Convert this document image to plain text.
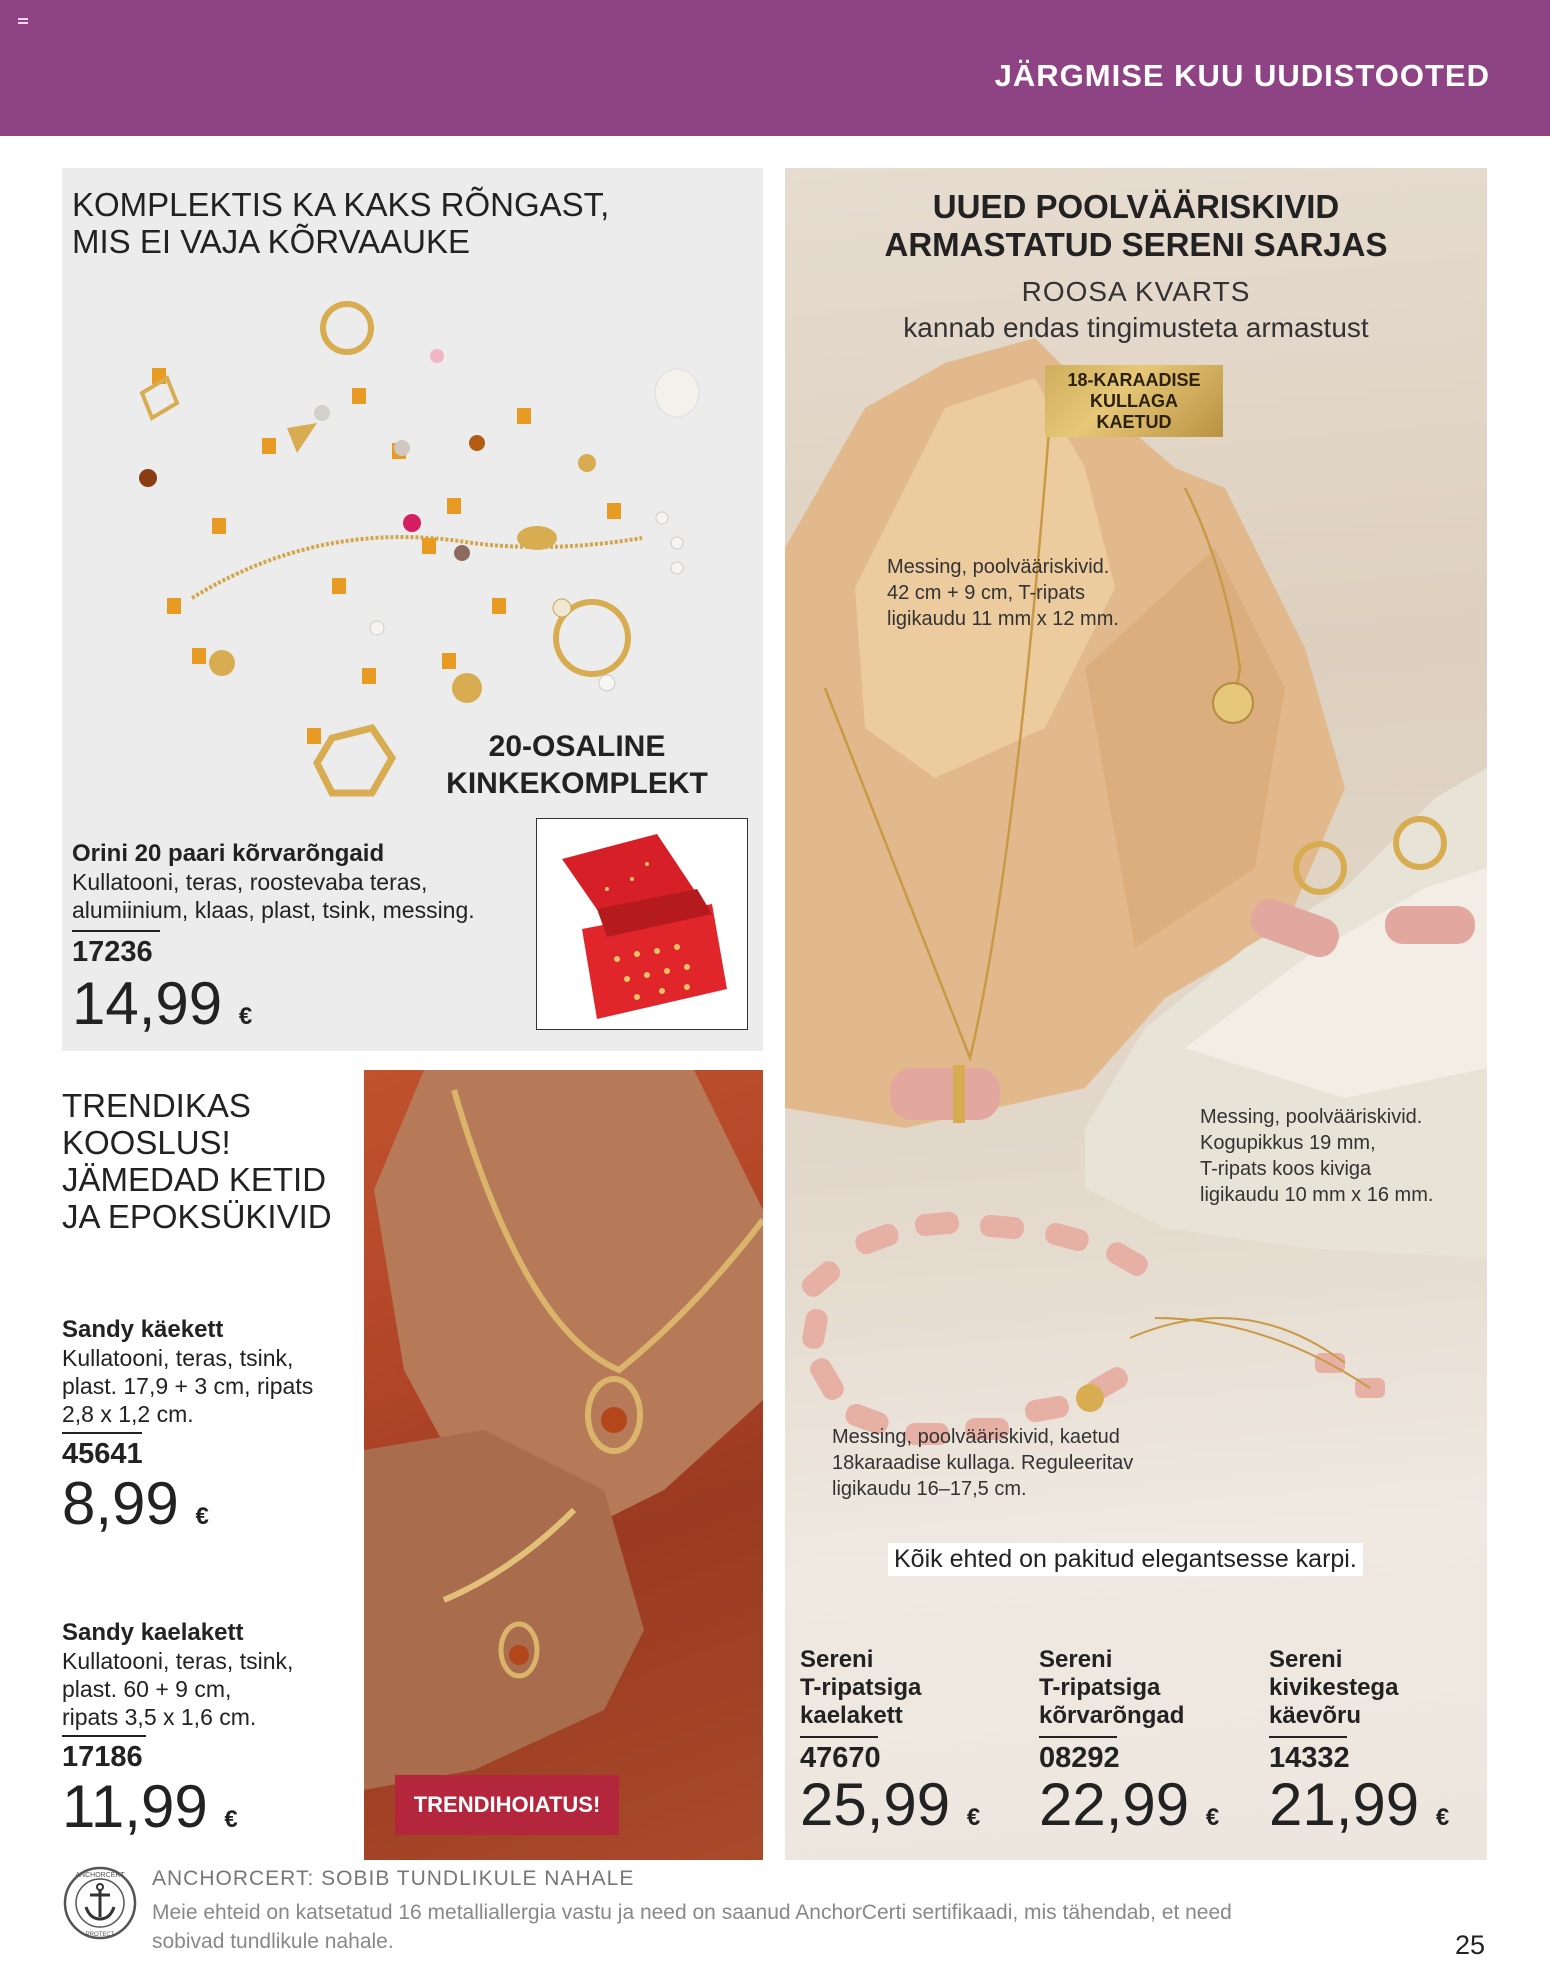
JÄRGMISE KUU UUDISTOOTED
KOMPLEKTIS KA KAKS RÕNGAST,
MIS EI VAJA KÕRVAAUKE
20-OSALINE
KINKEKOMPLEKT
Orini 20 paari kõrvarõngaid
Kullatooni, teras, roostevaba teras,
alumiinium, klaas, plast, tsink, messing.
17236
14,99 €
TRENDIKAS
KOOSLUS!
JÄMEDAD KETID
JA EPOKSÜKIVID
Sandy käekett
Kullatooni, teras, tsink,
plast. 17,9 + 3 cm, ripats
2,8 x 1,2 cm.
45641
8,99 €
Sandy kaelakett
Kullatooni, teras, tsink,
plast. 60 + 9 cm,
ripats 3,5 x 1,6 cm.
17186
11,99 €
TRENDIHOIATUS!
UUED POOLVÄÄRISKIVID
ARMASTATUD SERENI SARJAS
ROOSA KVARTS
kannab endas tingimusteta armastust
Messing, poolvääriskivid.
42 cm + 9 cm, T-ripats
ligikaudu 11 mm x 12 mm.
Messing, poolvääriskivid.
Kogupikkus 19 mm,
T-ripats koos kiviga
ligikaudu 10 mm x 16 mm.
Messing, poolvääriskivid, kaetud
18karaadise kullaga. Reguleeritav
ligikaudu 16–17,5 cm.
Sereni
T-ripatsiga
kaelakett
47670
25,99 €
Sereni
T-ripatsiga
kõrvarõngad
08292
22,99 €
Sereni
kivikestega
käevõru
14332
21,99 €
18-KARAADISE
KULLAGA
KAETUD
Kõik ehted on pakitud elegantsesse karpi.
ANCHORCERT
PROTECT
ANCHORCERT: SOBIB TUNDLIKULE NAHALE
Meie ehteid on katsetatud 16 metalliallergia vastu ja need on saanud AnchorCerti sertifikaadi, mis tähendab, et need
sobivad tundlikule nahale.	25
